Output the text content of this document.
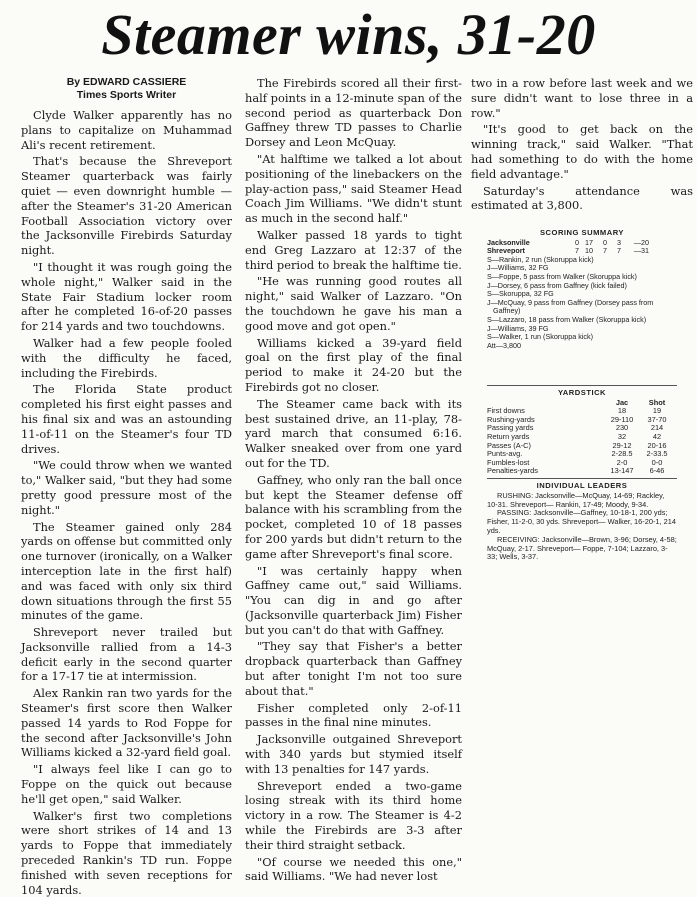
Steamer wins, 31-20
By EDWARD CASSIERE
Times Sports Writer

Clyde Walker apparently has no plans to capitalize on Muhammad Ali's recent retirement.

That's because the Shreveport Steamer quarterback was fairly quiet — even downright humble — after the Steamer's 31-20 American Football Association victory over the Jacksonville Firebirds Saturday night.

"I thought it was rough going the whole night," Walker said in the State Fair Stadium locker room after he completed 16-of-20 passes for 214 yards and two touchdowns.

Walker had a few people fooled with the difficulty he faced, including the Firebirds.

The Florida State product completed his first eight passes and his final six and was an astounding 11-of-11 on the Steamer's four TD drives.

"We could throw when we wanted to," Walker said, "but they had some pretty good pressure most of the night."

The Steamer gained only 284 yards on offense but committed only one turnover (ironically, on a Walker interception late in the first half) and was faced with only six third down situations through the first 55 minutes of the game.

Shreveport never trailed but Jacksonville rallied from a 14-3 deficit early in the second quarter for a 17-17 tie at intermission.

Alex Rankin ran two yards for the Steamer's first score then Walker passed 14 yards to Rod Foppe for the second after Jacksonville's John Williams kicked a 32-yard field goal.

"I always feel like I can go to Foppe on the quick out because he'll get open," said Walker.

Walker's first two completions were short strikes of 14 and 13 yards to Foppe that immediately preceded Rankin's TD run. Foppe finished with seven receptions for 104 yards.

The Firebirds scored all their first-half points in a 12-minute span of the second period as quarterback Don Gaffney threw TD passes to Charlie Dorsey and Leon McQuay.

"At halftime we talked a lot about positioning of the linebackers on the play-action pass," said Steamer Head Coach Jim Williams. "We didn't stunt as much in the second half."

Walker passed 18 yards to tight end Greg Lazzaro at 12:37 of the third period to break the halftime tie.

"He was running good routes all night," said Walker of Lazzaro. "On the touchdown he gave his man a good move and got open."

Williams kicked a 39-yard field goal on the first play of the final period to make it 24-20 but the Firebirds got no closer.

The Steamer came back with its best sustained drive, an 11-play, 78-yard march that consumed 6:16. Walker sneaked over from one yard out for the TD.

Gaffney, who only ran the ball once but kept the Steamer defense off balance with his scrambling from the pocket, completed 10 of 18 passes for 200 yards but didn't return to the game after Shreveport's final score.

"I was certainly happy when Gaffney came out," said Williams. "You can dig in and go after (Jacksonville quarterback Jim) Fisher but you can't do that with Gaffney.

"They say that Fisher's a better dropback quarterback than Gaffney but after tonight I'm not too sure about that."

Fisher completed only 2-of-11 passes in the final nine minutes.

Jacksonville outgained Shreveport with 340 yards but stymied itself with 13 penalties for 147 yards.

Shreveport ended a two-game losing streak with its third home victory in a row. The Steamer is 4-2 while the Firebirds are 3-3 after their third straight setback.

"Of course we needed this one," said Williams. "We had never lost

two in a row before last week and we sure didn't want to lose three in a row."

"It's good to get back on the winning track," said Walker. "That had something to do with the home field advantage."

Saturday's attendance was estimated at 3,800.

SCORING SUMMARY
Jacksonville	0 17	0	3	—20
Shreveport	7 10	7	7	—31
S—Rankin, 2 run (Skoruppa kick)
J—Williams, 32 FG
S—Foppe, 5 pass from Walker (Skoruppa kick)
J—Dorsey, 6 pass from Gaffney (kick failed)
S—Skoruppa, 32 FG
J—McQuay, 9 pass from Gaffney (Dorsey pass from Gaffney)
S—Lazzaro, 18 pass from Walker (Skoruppa kick)
J—Williams, 39 FG
S—Walker, 1 run (Skoruppa kick)
Att—3,800
YARDSTICK
Jac	Shot
First downs	18	19
Rushing-yards	29-110	37-70
Passing yards	230	214
Return yards	32	42
Passes (A-C)	29-12	20-16
Punts-avg.	2-28.5	2-33.5
Fumbles-lost	2-0	0-0
Penalties-yards	13-147	6-46
INDIVIDUAL LEADERS

RUSHING: Jacksonville—McQuay, 14-69; Rackley, 10-31. Shreveport— Rankin, 17-49; Moody, 9-34.

PASSING: Jacksonville—Gaffney, 10-18-1, 200 yds; Fisher, 11-2-0, 30 yds. Shreveport— Walker, 16-20-1, 214 yds.

RECEIVING: Jacksonville—Brown, 3-96; Dorsey, 4-58; McQuay, 2-17. Shreveport— Foppe, 7-104; Lazzaro, 3-33; Wells, 3-37.
